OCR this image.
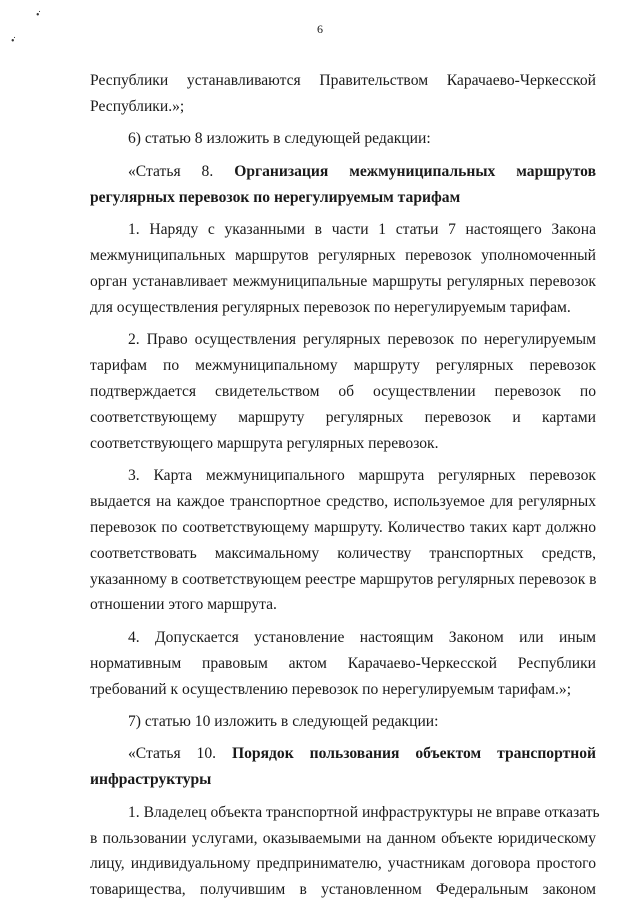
•̇
•̇
6
Республики устанавливаются Правительством Карачаево-Черкесской
Республики.»;
6) статью 8 изложить в следующей редакции:
«Статья 8. Организация межмуниципальных маршрутов
регулярных перевозок по нерегулируемым тарифам
1. Наряду с указанными в части 1 статьи 7 настоящего Закона
межмуниципальных маршрутов регулярных перевозок уполномоченный
орган устанавливает межмуниципальные маршруты регулярных перевозок
для осуществления регулярных перевозок по нерегулируемым тарифам.
2. Право осуществления регулярных перевозок по нерегулируемым
тарифам по межмуниципальному маршруту регулярных перевозок
подтверждается свидетельством об осуществлении перевозок по
соответствующему маршруту регулярных перевозок и картами
соответствующего маршрута регулярных перевозок.
3. Карта межмуниципального маршрута регулярных перевозок
выдается на каждое транспортное средство, используемое для регулярных
перевозок по соответствующему маршруту. Количество таких карт должно
соответствовать максимальному количеству транспортных средств,
указанному в соответствующем реестре маршрутов регулярных перевозок в
отношении этого маршрута.
4. Допускается установление настоящим Законом или иным
нормативным правовым актом Карачаево-Черкесской Республики
требований к осуществлению перевозок по нерегулируемым тарифам.»;
7) статью 10 изложить в следующей редакции:
«Статья 10. Порядок пользования объектом транспортной
инфраструктуры
1. Владелец объекта транспортной инфраструктуры не вправе отказать
в пользовании услугами, оказываемыми на данном объекте юридическому
лицу, индивидуальному предпринимателю, участникам договора простого
товарищества, получившим в установленном Федеральным законом
